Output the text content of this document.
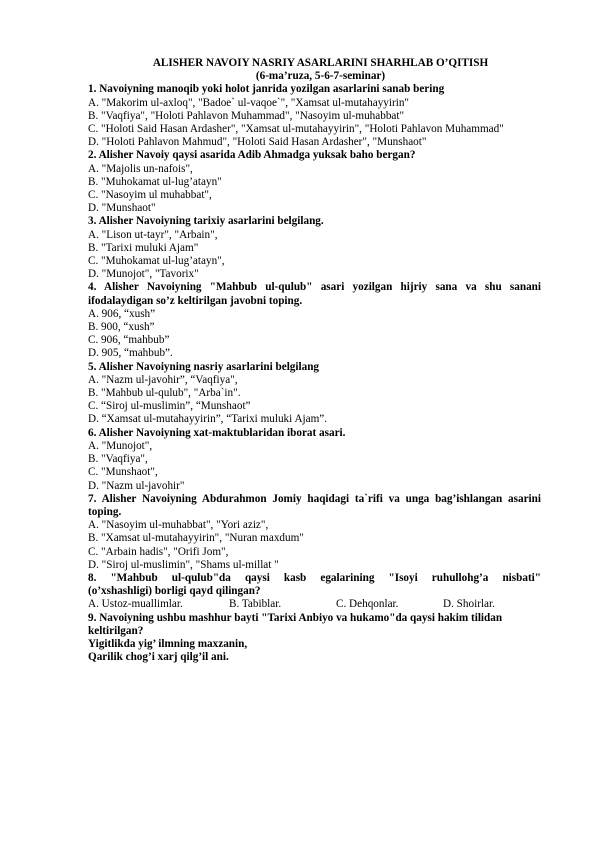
ALISHER NAVOIY NASRIY ASARLARINI SHARHLAB O’QITISH
(6-ma’ruza, 5-6-7-seminar)
1. Navoiyning manoqib yoki holot janrida yozilgan asarlarini sanab bering
A. "Makorim ul-axloq", "Badoe` ul-vaqoe`", "Xamsat ul-mutahayyirin"
B. "Vaqfiya", "Holoti Pahlavon Muhammad", "Nasoyim ul-muhabbat"
C. "Holoti Said Hasan Ardasher", "Xamsat ul-mutahayyirin", "Holoti Pahlavon Muhammad"
D. "Holoti Pahlavon Mahmud", "Holoti Said Hasan Ardasher", "Munshaot"
2. Alisher Navoiy qaysi asarida Adib Ahmadga yuksak baho bergan?
A. "Majolis un-nafois",
B. "Muhokamat ul-lug’atayn"
C. "Nasoyim ul muhabbat",
D. "Munshaot"
3. Alisher Navoiyning tarixiy asarlarini belgilang.
A. "Lison ut-tayr", "Arbain",
B. "Tarixi muluki Ajam"
C. "Muhokamat ul-lug’atayn",
D. "Munojot", "Tavorix"
4. Alisher Navoiyning "Mahbub ul-qulub" asari yozilgan hijriy sana va shu sanani
ifodalaydigan so’z keltirilgan javobni toping.
A. 906, “xush”
B. 900, “xush”
C. 906, “mahbub”
D. 905, “mahbub”.
5. Alisher Navoiyning nasriy asarlarini belgilang
A. "Nazm ul-javohir”, “Vaqfiya",
B. "Mahbub ul-qulub", "Arba`in".
C. “Siroj ul-muslimin”, “Munshaot”
D. “Xamsat ul-mutahayyirin”, “Tarixi muluki Ajam”.
6. Alisher Navoiyning xat-maktublaridan iborat asari.
A. "Munojot",
B. "Vaqfiya",
C. "Munshaot",
D. "Nazm ul-javohir"
7. Alisher Navoiyning Abdurahmon Jomiy haqidagi ta`rifi va unga bag’ishlangan asarini
toping.
A. "Nasoyim ul-muhabbat", "Yori aziz",
B. "Xamsat ul-mutahayyirin", "Nuran maxdum"
C. "Arbain hadis", "Orifi Jom",
D. "Siroj ul-muslimin", "Shams ul-millat "
8. "Mahbub ul-qulub"da qaysi kasb egalarining "Isoyi ruhullohg’a nisbati"
(o’xshashligi) borligi qayd qilingan?
A. Ustoz-muallimlar.	B. Tabiblar.	C. Dehqonlar.	D. Shoirlar.
9. Navoiyning ushbu mashhur bayti "Tarixi Anbiyo va hukamo"da qaysi hakim tilidan
keltirilgan?
Yigitlikda yig’ ilmning maxzanin,
Qarilik chog’i xarj qilg’il ani.
